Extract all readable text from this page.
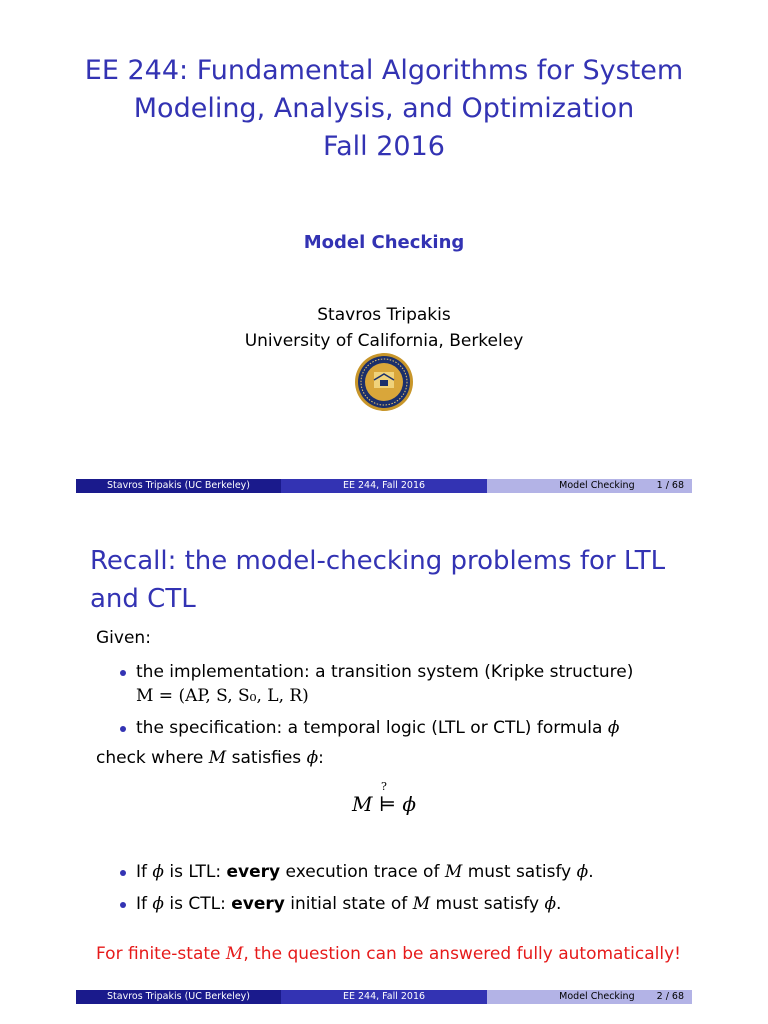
EE 244: Fundamental Algorithms for System
Modeling, Analysis, and Optimization
Fall 2016
Model Checking
Stavros Tripakis
University of California, Berkeley
Stavros Tripakis (UC Berkeley)	EE 244, Fall 2016	Model Checking 1 / 68
Recall: the model-checking problems for LTL and CTL
Given:
the implementation: a transition system (Kripke structure)
M = (AP, S, S₀, L, R)
the specification: a temporal logic (LTL or CTL) formula ϕ
check where M satisfies ϕ:
?
M ⊨ ϕ
If ϕ is LTL: every execution trace of M must satisfy ϕ.
If ϕ is CTL: every initial state of M must satisfy ϕ.
For finite-state M, the question can be answered fully automatically!
Stavros Tripakis (UC Berkeley)	EE 244, Fall 2016	Model Checking 2 / 68
